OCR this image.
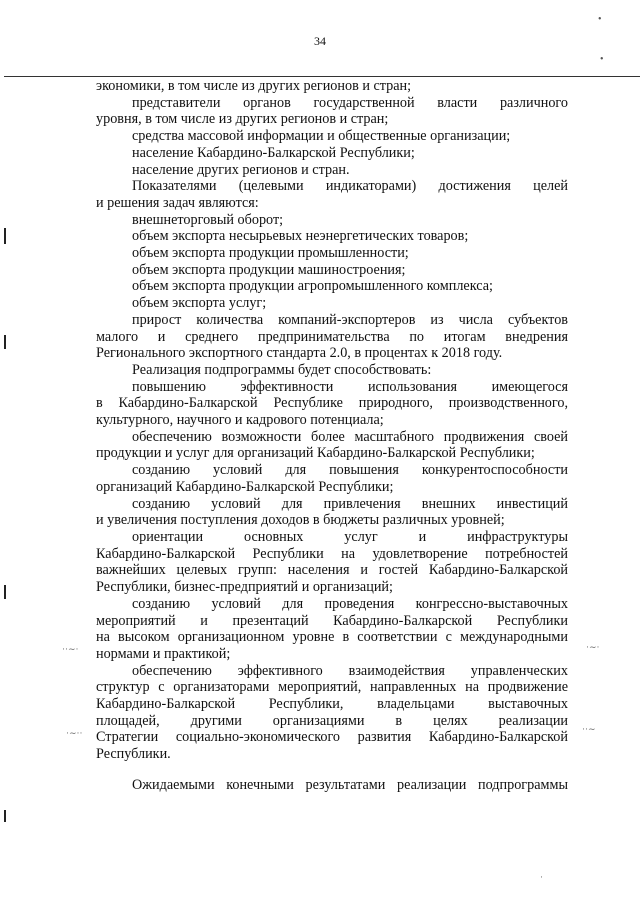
34
экономики, в том числе из других регионов и стран;
представители органов государственной власти различного
уровня, в том числе из других регионов и стран;
средства массовой информации и общественные организации;
население Кабардино-Балкарской Республики;
население других регионов и стран.
Показателями (целевыми индикаторами) достижения целей
и решения задач являются:
внешнеторговый оборот;
объем экспорта несырьевых неэнергетических товаров;
объем экспорта продукции промышленности;
объем экспорта продукции машиностроения;
объем экспорта продукции агропромышленного комплекса;
объем экспорта услуг;
прирост количества компаний-экспортеров из числа субъектов
малого и среднего предпринимательства по итогам внедрения
Регионального экспортного стандарта 2.0, в процентах к 2018 году.
Реализация подпрограммы будет способствовать:
повышению эффективности использования имеющегося
в Кабардино-Балкарской Республике природного, производственного,
культурного, научного и кадрового потенциала;
обеспечению возможности более масштабного продвижения своей
продукции и услуг для организаций Кабардино-Балкарской Республики;
созданию условий для повышения конкурентоспособности
организаций Кабардино-Балкарской Республики;
созданию условий для привлечения внешних инвестиций
и увеличения поступления доходов в бюджеты различных уровней;
ориентации основных услуг и инфраструктуры
Кабардино-Балкарской Республики на удовлетворение потребностей
важнейших целевых групп: населения и гостей Кабардино-Балкарской
Республики, бизнес-предприятий и организаций;
созданию условий для проведения конгрессно-выставочных
мероприятий и презентаций Кабардино-Балкарской Республики
на высоком организационном уровне в соответствии с международными
нормами и практикой;
обеспечению эффективного взаимодействия управленческих
структур с организаторами мероприятий, направленных на продвижение
Кабардино-Балкарской Республики, владельцами выставочных
площадей, другими организациями в целях реализации
Стратегии социально-экономического развития Кабардино-Балкарской
Республики.
Ожидаемыми конечными результатами реализации подпрограммы
•
•
··∼·
·∼··
·∼·
··∼
·
